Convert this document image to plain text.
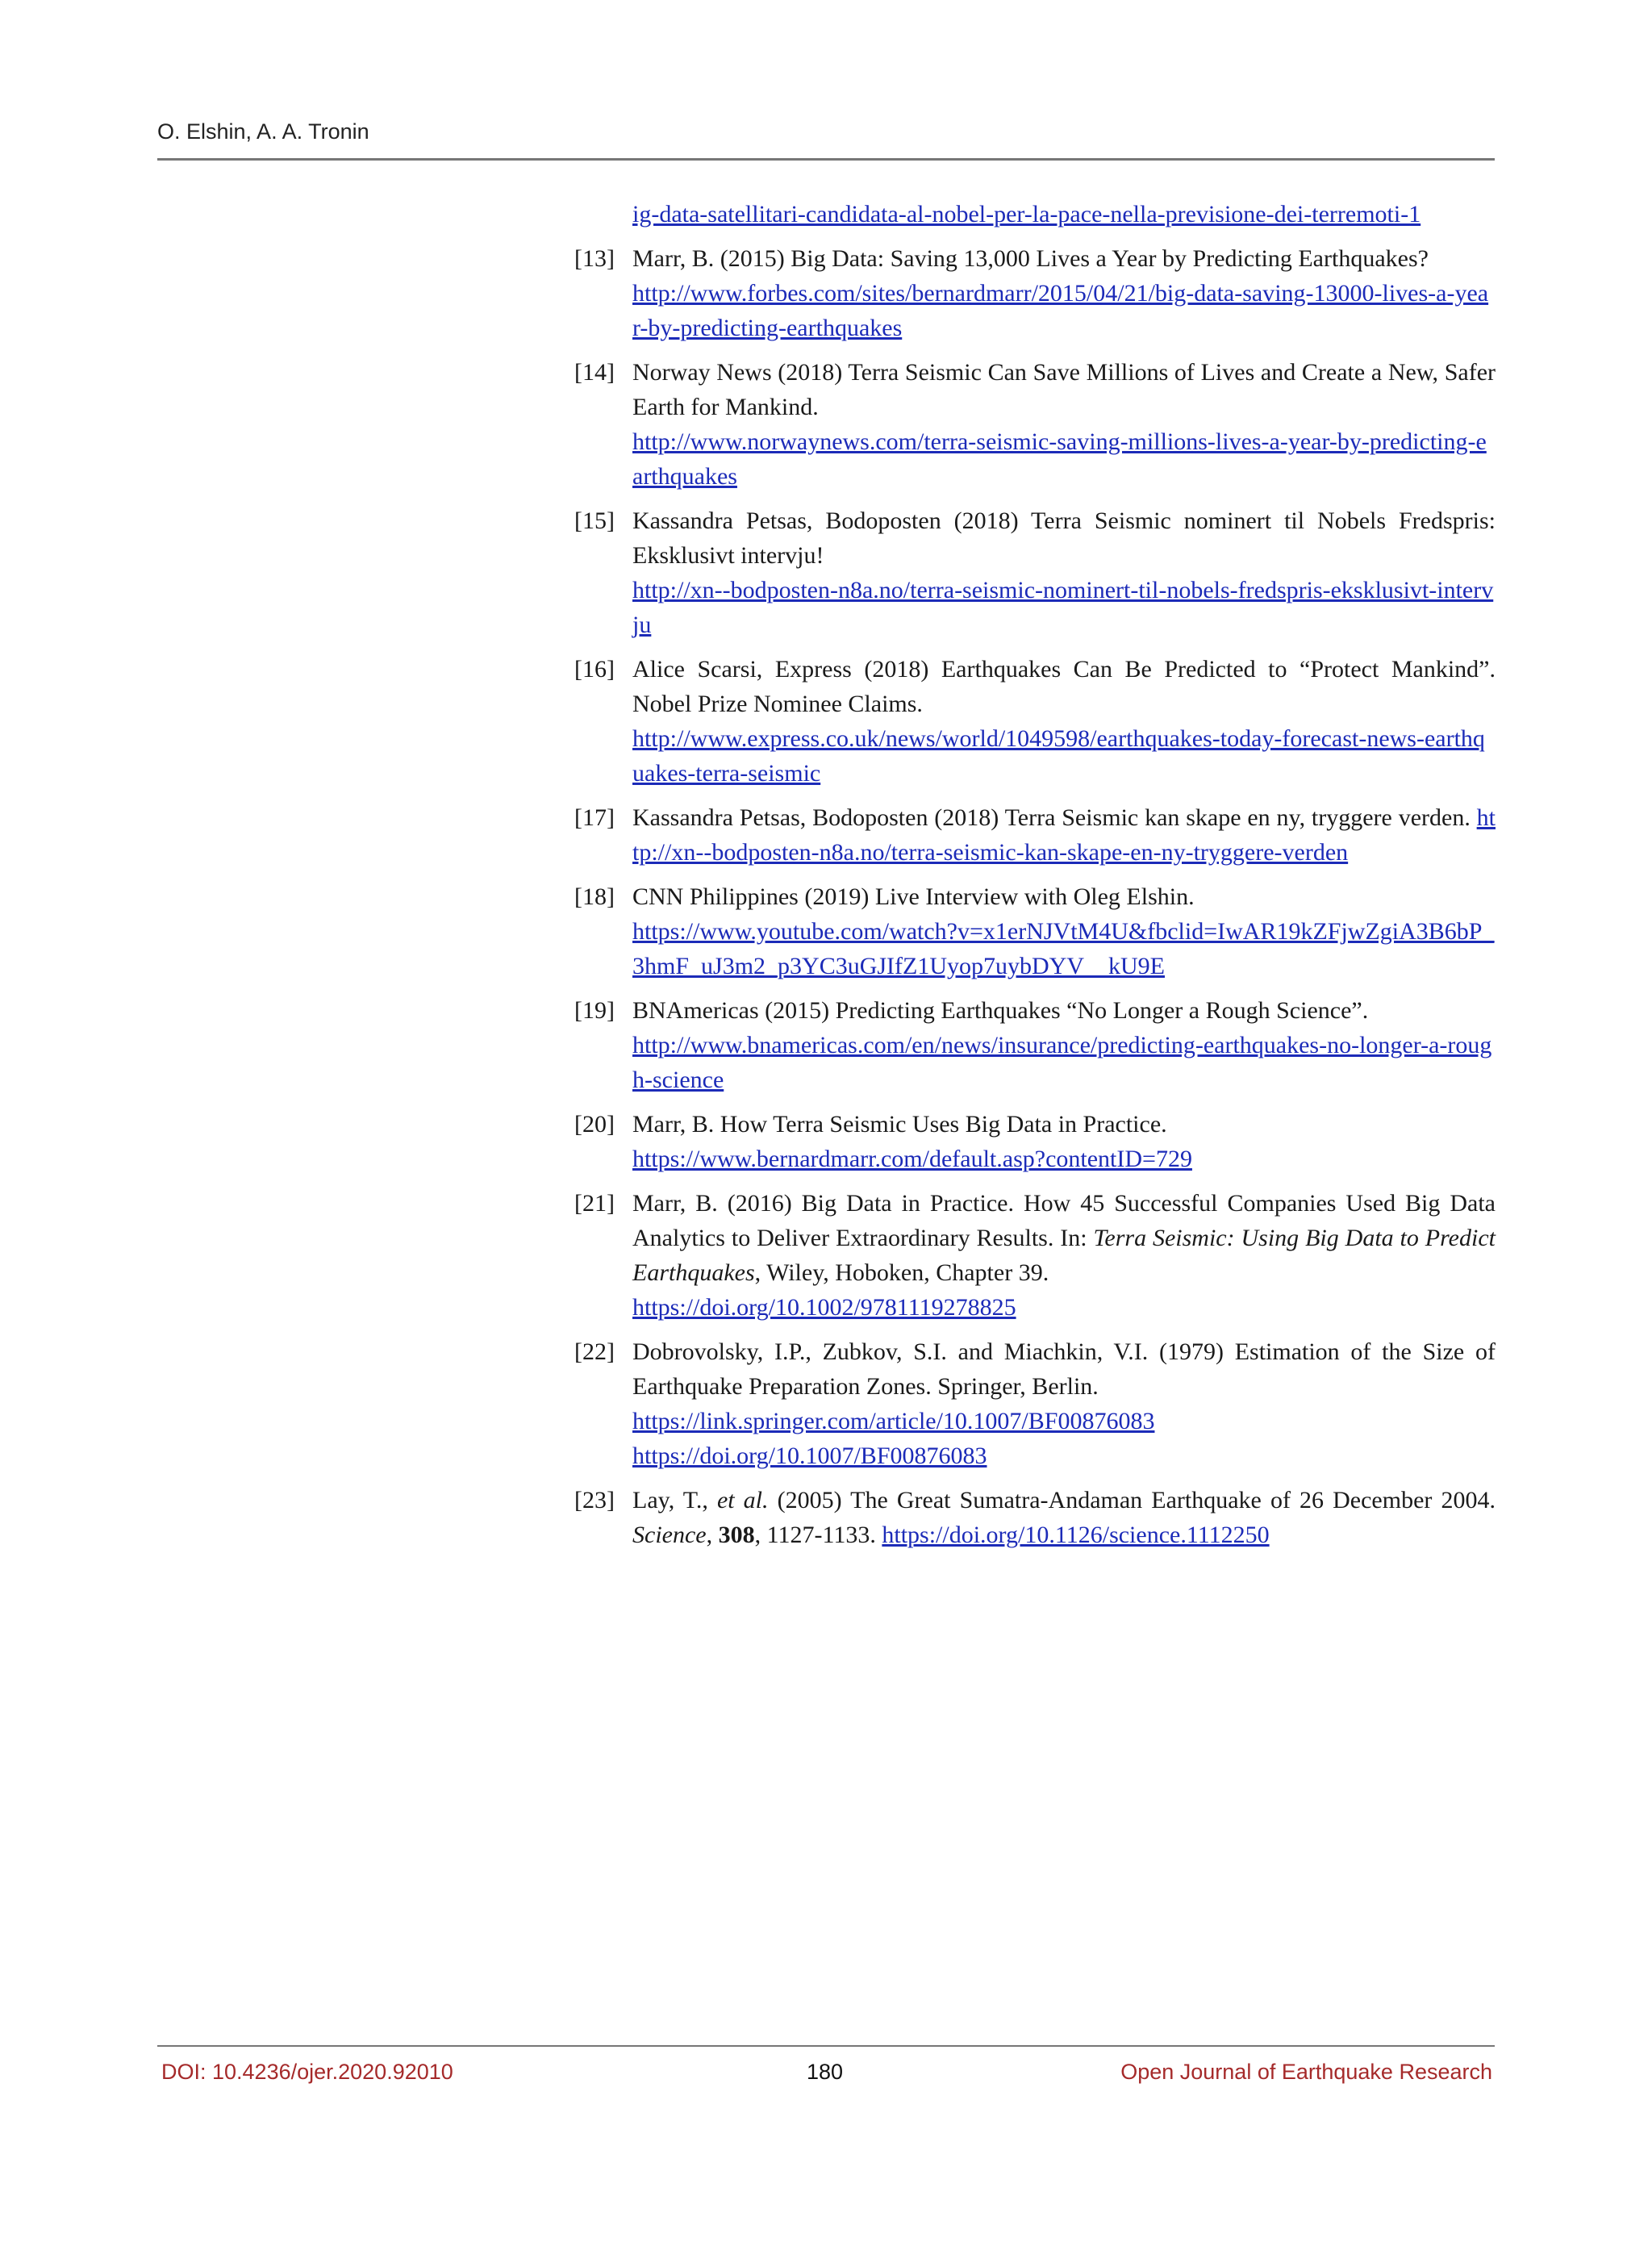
O. Elshin, A. A. Tronin
ig-data-satellitari-candidata-al-nobel-per-la-pace-nella-previsione-dei-terremoti-1
[13] Marr, B. (2015) Big Data: Saving 13,000 Lives a Year by Predicting Earthquakes?
http://www.forbes.com/sites/bernardmarr/2015/04/21/big-data-saving-13000-lives-a-year-by-predicting-earthquakes
[14] Norway News (2018) Terra Seismic Can Save Millions of Lives and Create a New, Safer Earth for Mankind.
http://www.norwaynews.com/terra-seismic-saving-millions-lives-a-year-by-predicting-earthquakes
[15] Kassandra Petsas, Bodoposten (2018) Terra Seismic nominert til Nobels Fredspris: Eksklusivt intervju!
http://xn--bodposten-n8a.no/terra-seismic-nominert-til-nobels-fredspris-eksklusivt-intervju
[16] Alice Scarsi, Express (2018) Earthquakes Can Be Predicted to “Protect Mankind”. Nobel Prize Nominee Claims.
http://www.express.co.uk/news/world/1049598/earthquakes-today-forecast-news-earthquakes-terra-seismic
[17] Kassandra Petsas, Bodoposten (2018) Terra Seismic kan skape en ny, tryggere verden. http://xn--bodposten-n8a.no/terra-seismic-kan-skape-en-ny-tryggere-verden
[18] CNN Philippines (2019) Live Interview with Oleg Elshin.
https://www.youtube.com/watch?v=x1erNJVtM4U&fbclid=IwAR19kZFjwZgiA3B6bP_3hmF_uJ3m2_p3YC3uGJIfZ1Uyop7uybDYV__kU9E
[19] BNAmericas (2015) Predicting Earthquakes “No Longer a Rough Science”.
http://www.bnamericas.com/en/news/insurance/predicting-earthquakes-no-longer-a-rough-science
[20] Marr, B. How Terra Seismic Uses Big Data in Practice.
https://www.bernardmarr.com/default.asp?contentID=729
[21] Marr, B. (2016) Big Data in Practice. How 45 Successful Companies Used Big Data Analytics to Deliver Extraordinary Results. In: Terra Seismic: Using Big Data to Predict Earthquakes, Wiley, Hoboken, Chapter 39.
https://doi.org/10.1002/9781119278825
[22] Dobrovolsky, I.P., Zubkov, S.I. and Miachkin, V.I. (1979) Estimation of the Size of Earthquake Preparation Zones. Springer, Berlin.
https://link.springer.com/article/10.1007/BF00876083
https://doi.org/10.1007/BF00876083
[23] Lay, T., et al. (2005) The Great Sumatra-Andaman Earthquake of 26 December 2004. Science, 308, 1127-1133. https://doi.org/10.1126/science.1112250
DOI: 10.4236/ojer.2020.92010	180	Open Journal of Earthquake Research
